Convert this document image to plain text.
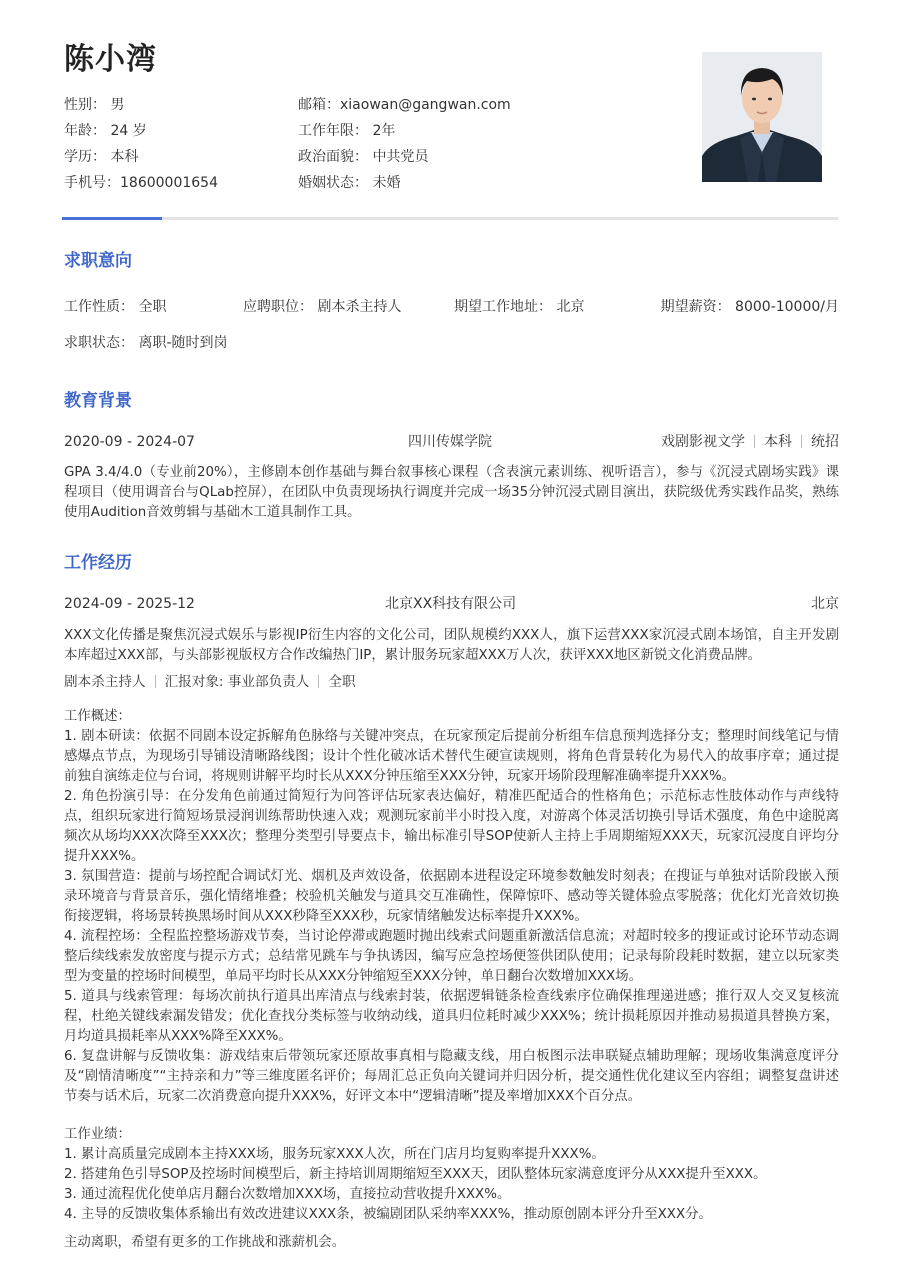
陈小湾
性别： 男	邮箱：xiaowan@gangwan.com
年龄： 24 岁	工作年限： 2年
学历： 本科	政治面貌： 中共党员
手机号：18600001654	婚姻状态： 未婚
求职意向
工作性质： 全职	应聘职位： 剧本杀主持人	期望工作地址： 北京	期望薪资： 8000-10000/月
求职状态： 离职-随时到岗
教育背景
2020-09 - 2024-07	四川传媒学院	戏剧影视文学 本科 统招

GPA 3.4/4.0（专业前20%），主修剧本创作基础与舞台叙事核心课程（含表演元素训练、视听语言），参与《沉浸式剧场实践》课程项目（使用调音台与QLab控屏），在团队中负责现场执行调度并完成一场35分钟沉浸式剧目演出，获院级优秀实践作品奖，熟练使用Audition音效剪辑与基础木工道具制作工具。

工作经历
2024-09 - 2025-12	北京XX科技有限公司	北京

XXX文化传播是聚焦沉浸式娱乐与影视IP衍生内容的文化公司，团队规模约XXX人，旗下运营XXX家沉浸式剧本场馆，自主开发剧本库超过XXX部，与头部影视版权方合作改编热门IP，累计服务玩家超XXX万人次，获评XXX地区新锐文化消费品牌。

剧本杀主持人 汇报对象: 事业部负责人 全职
工作概述：
1. 剧本研读：依据不同剧本设定拆解角色脉络与关键冲突点，在玩家预定后提前分析组车信息预判选择分支；整理时间线笔记与情感爆点节点，为现场引导铺设清晰路线图；设计个性化破冰话术替代生硬宣读规则，将角色背景转化为易代入的故事序章；通过提前独自演练走位与台词，将规则讲解平均时长从XXX分钟压缩至XXX分钟，玩家开场阶段理解准确率提升XXX%。
2. 角色扮演引导：在分发角色前通过简短行为问答评估玩家表达偏好，精准匹配适合的性格角色；示范标志性肢体动作与声线特点，组织玩家进行简短场景浸润训练帮助快速入戏；观测玩家前半小时投入度，对游离个体灵活切换引导话术强度，角色中途脱离频次从场均XXX次降至XXX次；整理分类型引导要点卡，输出标准引导SOP使新人主持上手周期缩短XXX天，玩家沉浸度自评均分提升XXX%。
3. 氛围营造：提前与场控配合调试灯光、烟机及声效设备，依据剧本进程设定环境参数触发时刻表；在搜证与单独对话阶段嵌入预录环境音与背景音乐，强化情绪堆叠；校验机关触发与道具交互准确性，保障惊吓、感动等关键体验点零脱落；优化灯光音效切换衔接逻辑，将场景转换黑场时间从XXX秒降至XXX秒，玩家情绪触发达标率提升XXX%。
4. 流程控场：全程监控整场游戏节奏，当讨论停滞或跑题时抛出线索式问题重新激活信息流；对超时较多的搜证或讨论环节动态调整后续线索发放密度与提示方式；总结常见跳车与争执诱因，编写应急控场便签供团队使用；记录每阶段耗时数据，建立以玩家类型为变量的控场时间模型，单局平均时长从XXX分钟缩短至XXX分钟，单日翻台次数增加XXX场。
5. 道具与线索管理：每场次前执行道具出库清点与线索封装，依据逻辑链条检查线索序位确保推理递进感；推行双人交叉复核流程，杜绝关键线索漏发错发；优化查找分类标签与收纳动线，道具归位耗时减少XXX%；统计损耗原因并推动易损道具替换方案，月均道具损耗率从XXX%降至XXX%。
6. 复盘讲解与反馈收集：游戏结束后带领玩家还原故事真相与隐藏支线，用白板图示法串联疑点辅助理解；现场收集满意度评分及“剧情清晰度”“主持亲和力”等三维度匿名评价；每周汇总正负向关键词并归因分析，提交通性优化建议至内容组；调整复盘讲述节奏与话术后，玩家二次消费意向提升XXX%，好评文本中“逻辑清晰”提及率增加XXX个百分点。
工作业绩：
1. 累计高质量完成剧本主持XXX场，服务玩家XXX人次，所在门店月均复购率提升XXX%。
2. 搭建角色引导SOP及控场时间模型后，新主持培训周期缩短至XXX天，团队整体玩家满意度评分从XXX提升至XXX。
3. 通过流程优化使单店月翻台次数增加XXX场，直接拉动营收提升XXX%。
4. 主导的反馈收集体系输出有效改进建议XXX条，被编剧团队采纳率XXX%，推动原创剧本评分升至XXX分。

主动离职，希望有更多的工作挑战和涨薪机会。
